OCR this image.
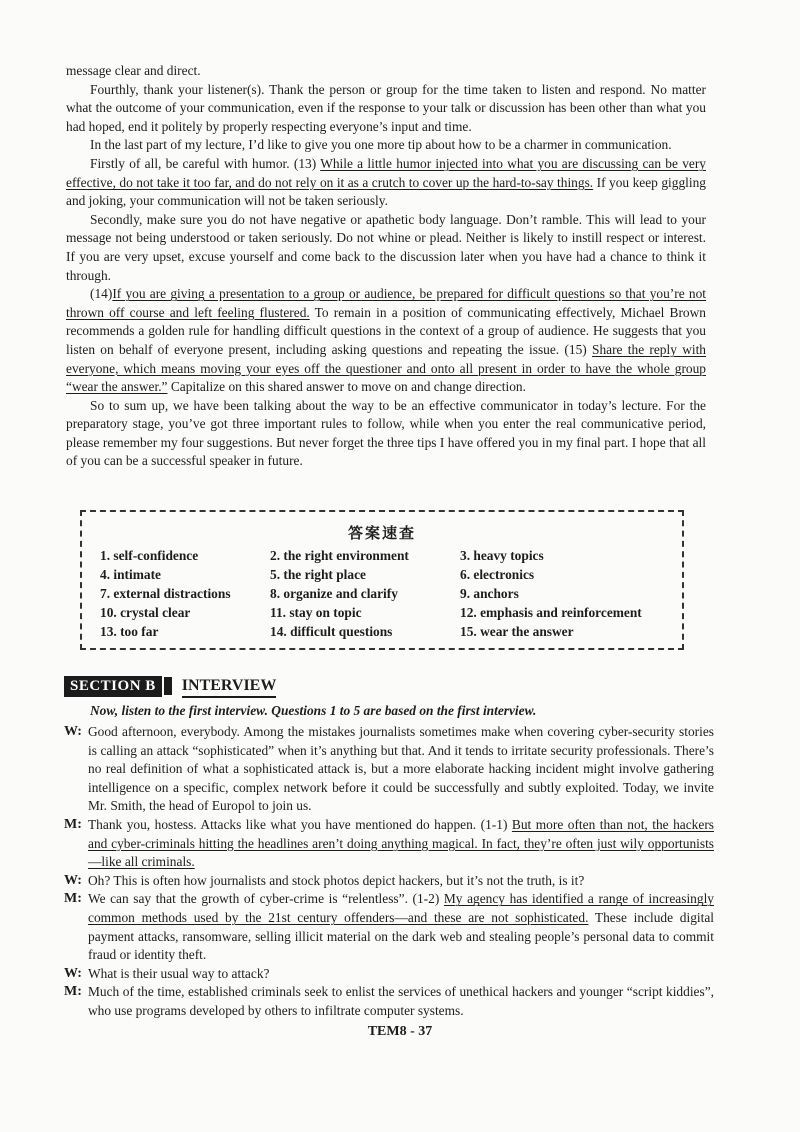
message clear and direct.

Fourthly, thank your listener(s). Thank the person or group for the time taken to listen and respond. No matter what the outcome of your communication, even if the response to your talk or discussion has been other than what you had hoped, end it politely by properly respecting everyone’s input and time.

In the last part of my lecture, I’d like to give you one more tip about how to be a charmer in communication.

Firstly of all, be careful with humor. (13) While a little humor injected into what you are discussing can be very effective, do not take it too far, and do not rely on it as a crutch to cover up the hard-to-say things. If you keep giggling and joking, your communication will not be taken seriously.

Secondly, make sure you do not have negative or apathetic body language. Don’t ramble. This will lead to your message not being understood or taken seriously. Do not whine or plead. Neither is likely to instill respect or interest. If you are very upset, excuse yourself and come back to the discussion later when you have had a chance to think it through.

(14)If you are giving a presentation to a group or audience, be prepared for difficult questions so that you’re not thrown off course and left feeling flustered. To remain in a position of communicating effectively, Michael Brown recommends a golden rule for handling difficult questions in the context of a group of audience. He suggests that you listen on behalf of everyone present, including asking questions and repeating the issue. (15) Share the reply with everyone, which means moving your eyes off the questioner and onto all present in order to have the whole group “wear the answer.” Capitalize on this shared answer to move on and change direction.

So to sum up, we have been talking about the way to be an effective communicator in today’s lecture. For the preparatory stage, you’ve got three important rules to follow, while when you enter the real communicative period, please remember my four suggestions. But never forget the three tips I have offered you in my final part. I hope that all of you can be a successful speaker in future.

答案速查
1. self-confidence	2. the right environment	3. heavy topics
4. intimate	5. the right place	6. electronics
7. external distractions	8. organize and clarify	9. anchors
10. crystal clear	11. stay on topic	12. emphasis and reinforcement
13. too far	14. difficult questions	15. wear the answer
SECTION B INTERVIEW
Now, listen to the first interview. Questions 1 to 5 are based on the first interview.
W: Good afternoon, everybody. Among the mistakes journalists sometimes make when covering cyber-security stories is calling an attack “sophisticated” when it’s anything but that. And it tends to irritate security professionals. There’s no real definition of what a sophisticated attack is, but a more elaborate hacking incident might involve gathering intelligence on a specific, complex network before it could be successfully and subtly exploited. Today, we invite Mr. Smith, the head of Europol to join us.
M: Thank you, hostess. Attacks like what you have mentioned do happen. (1-1) But more often than not, the hackers and cyber-criminals hitting the headlines aren’t doing anything magical. In fact, they’re often just wily opportunists—like all criminals.
W: Oh? This is often how journalists and stock photos depict hackers, but it’s not the truth, is it?
M: We can say that the growth of cyber-crime is “relentless”. (1-2) My agency has identified a range of increasingly common methods used by the 21st century offenders—and these are not sophisticated. These include digital payment attacks, ransomware, selling illicit material on the dark web and stealing people’s personal data to commit fraud or identity theft.
W: What is their usual way to attack?
M: Much of the time, established criminals seek to enlist the services of unethical hackers and younger “script kiddies”, who use programs developed by others to infiltrate computer systems.
TEM8 - 37
